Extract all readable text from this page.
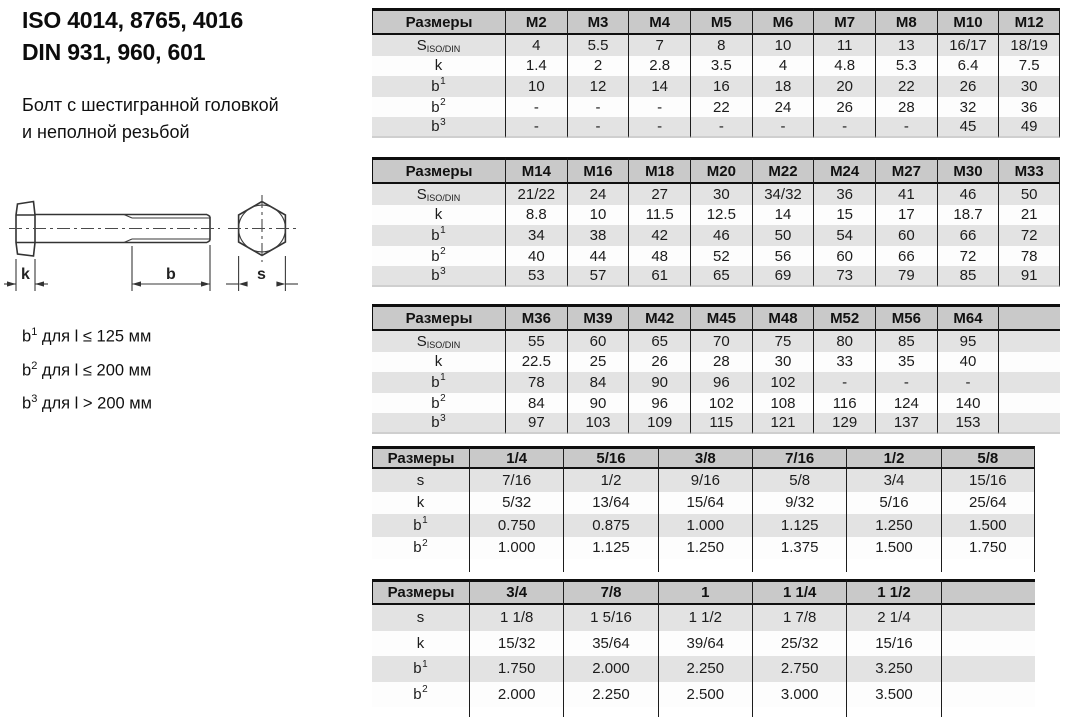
ISO 4014, 8765, 4016
DIN 931, 960, 601
Болт с шестигранной головкой
и неполной резьбой
k	b	s
$b^1$ для l ≤ 125 мм
$b^2$ для l ≤ 200 мм
$b^3$ для l > 200 мм
Размеры	M2	M3	M4	M5	M6	M7	M8	M10	M12
$S_{ISO/DIN}$	4	5.5	7	8	10	11	13	16/17	18/19
k	1.4	2	2.8	3.5	4	4.8	5.3	6.4	7.5
$b^1$	10	12	14	16	18	20	22	26	30
$b^2$	-	-	-	22	24	26	28	32	36
$b^3$	-	-	-	-	-	-	-	45	49
Размеры	M14	M16	M18	M20	M22	M24	M27	M30	M33
$S_{ISO/DIN}$	21/22	24	27	30	34/32	36	41	46	50
k	8.8	10	11.5	12.5	14	15	17	18.7	21
$b^1$	34	38	42	46	50	54	60	66	72
$b^2$	40	44	48	52	56	60	66	72	78
$b^3$	53	57	61	65	69	73	79	85	91
Размеры	M36	M39	M42	M45	M48	M52	M56	M64
$S_{ISO/DIN}$	55	60	65	70	75	80	85	95
k	22.5	25	26	28	30	33	35	40
$b^1$	78	84	90	96	102	-	-	-
$b^2$	84	90	96	102	108	116	124	140
$b^3$	97	103	109	115	121	129	137	153
Размеры	1/4	5/16	3/8	7/16	1/2	5/8
s	7/16	1/2	9/16	5/8	3/4	15/16
k	5/32	13/64	15/64	9/32	5/16	25/64
$b^1$	0.750	0.875	1.000	1.125	1.250	1.500
$b^2$	1.000	1.125	1.250	1.375	1.500	1.750
Размеры	3/4	7/8	1	1 1/4	1 1/2
s	1 1/8	1 5/16	1 1/2	1 7/8	2 1/4
k	15/32	35/64	39/64	25/32	15/16
$b^1$	1.750	2.000	2.250	2.750	3.250
$b^2$	2.000	2.250	2.500	3.000	3.500
